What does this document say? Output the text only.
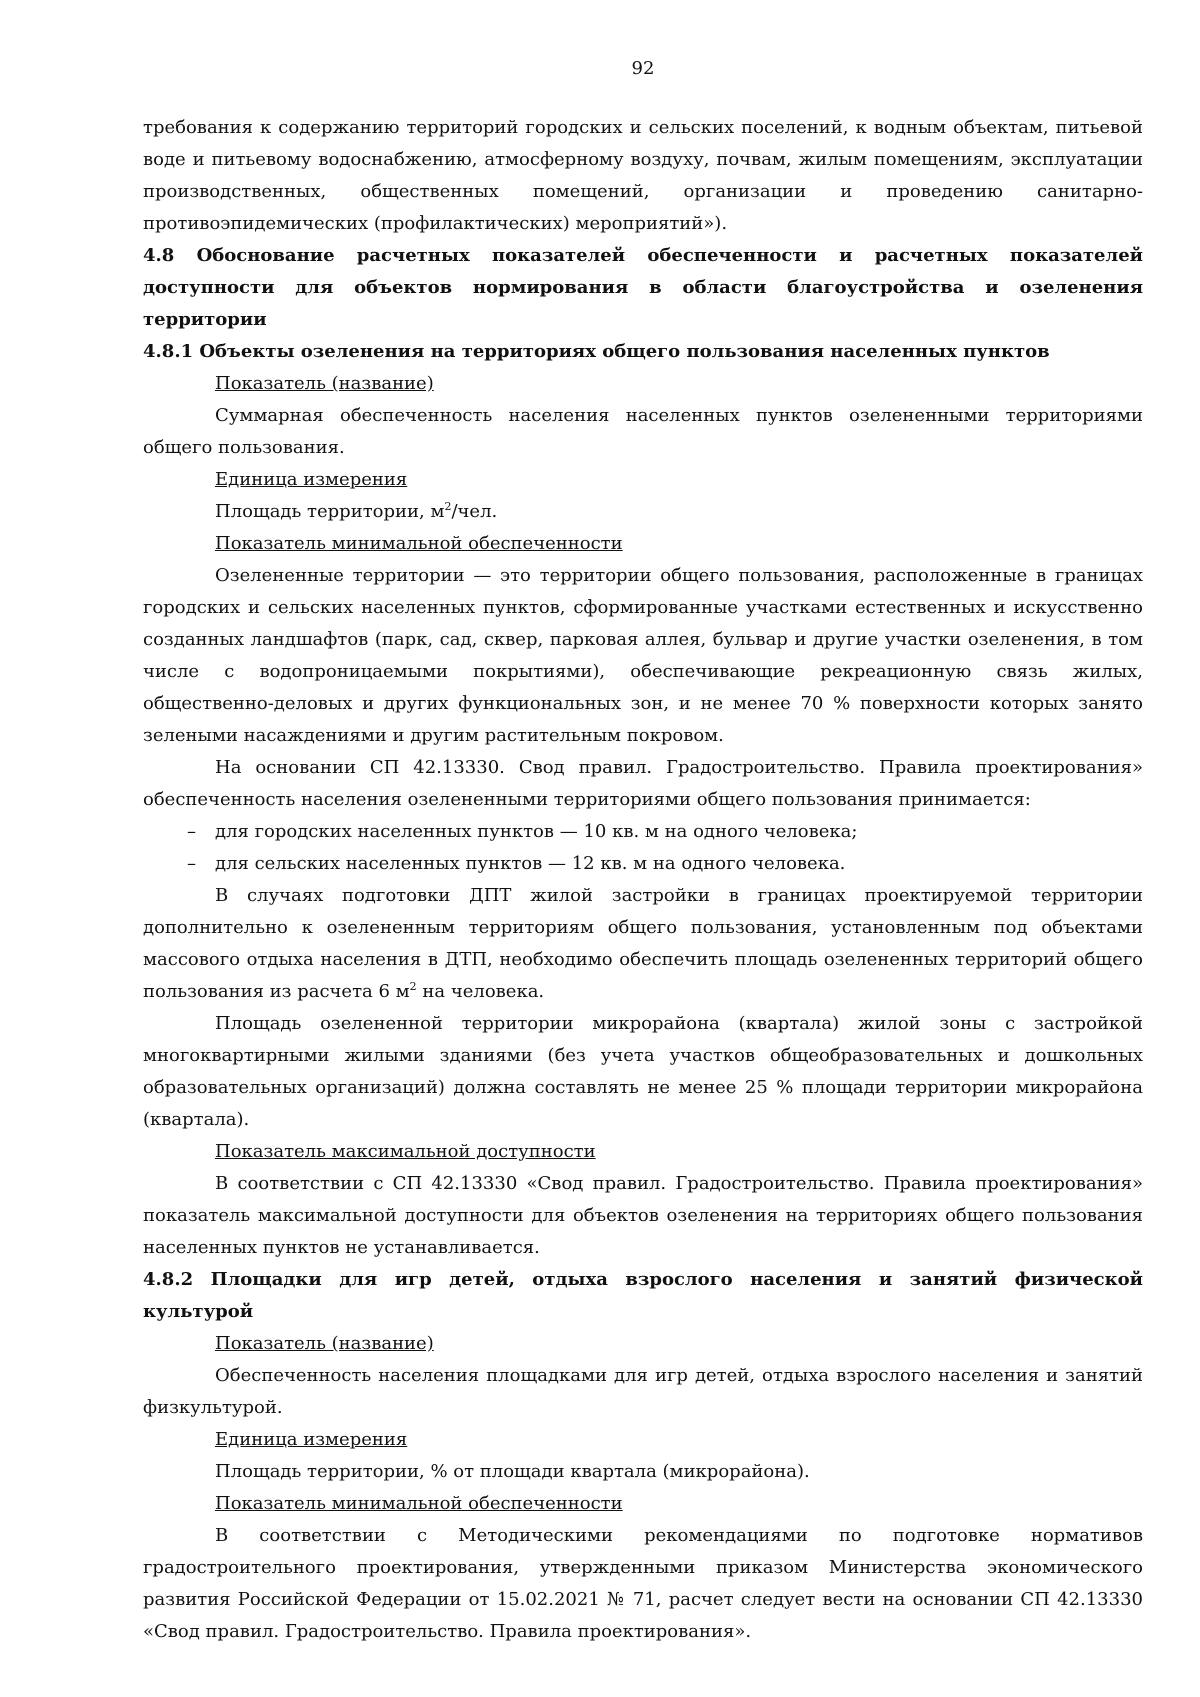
92

требования к содержанию территорий городских и сельских поселений, к водным объектам, питьевой воде и питьевому водоснабжению, атмосферному воздуху, почвам, жилым помещениям, эксплуатации производственных, общественных помещений, организации и проведению санитарно-противоэпидемических (профилактических) мероприятий»).

4.8 Обоснование расчетных показателей обеспеченности и расчетных показателей доступности для объектов нормирования в области благоустройства и озеленения территории

4.8.1 Объекты озеленения на территориях общего пользования населенных пунктов

Показатель (название)

Суммарная обеспеченность населения населенных пунктов озелененными территориями общего пользования.

Единица измерения

Площадь территории, $м^2$/чел.

Показатель минимальной обеспеченности

Озелененные территории — это территории общего пользования, расположенные в границах городских и сельских населенных пунктов, сформированные участками естественных и искусственно созданных ландшафтов (парк, сад, сквер, парковая аллея, бульвар и другие участки озеленения, в том числе с водопроницаемыми покрытиями), обеспечивающие рекреационную связь жилых, общественно-деловых и других функциональных зон, и не менее 70 % поверхности которых занято зелеными насаждениями и другим растительным покровом.

На основании СП 42.13330. Свод правил. Градостроительство. Правила проектирования» обеспеченность населения озелененными территориями общего пользования принимается:

– для городских населенных пунктов — 10 кв. м на одного человека;

– для сельских населенных пунктов — 12 кв. м на одного человека.

В случаях подготовки ДПТ жилой застройки в границах проектируемой территории дополнительно к озелененным территориям общего пользования, установленным под объектами массового отдыха населения в ДТП, необходимо обеспечить площадь озелененных территорий общего пользования из расчета 6 $м^2$ на человека.

Площадь озелененной территории микрорайона (квартала) жилой зоны с застройкой многоквартирными жилыми зданиями (без учета участков общеобразовательных и дошкольных образовательных организаций) должна составлять не менее 25 % площади территории микрорайона (квартала).

Показатель максимальной доступности

В соответствии с СП 42.13330 «Свод правил. Градостроительство. Правила проектирования» показатель максимальной доступности для объектов озеленения на территориях общего пользования населенных пунктов не устанавливается.

4.8.2 Площадки для игр детей, отдыха взрослого населения и занятий физической культурой

Показатель (название)

Обеспеченность населения площадками для игр детей, отдыха взрослого населения и занятий физкультурой.

Единица измерения

Площадь территории, % от площади квартала (микрорайона).

Показатель минимальной обеспеченности

В соответствии с Методическими рекомендациями по подготовке нормативов градостроительного проектирования, утвержденными приказом Министерства экономического развития Российской Федерации от 15.02.2021 № 71, расчет следует вести на основании СП 42.13330 «Свод правил. Градостроительство. Правила проектирования».
